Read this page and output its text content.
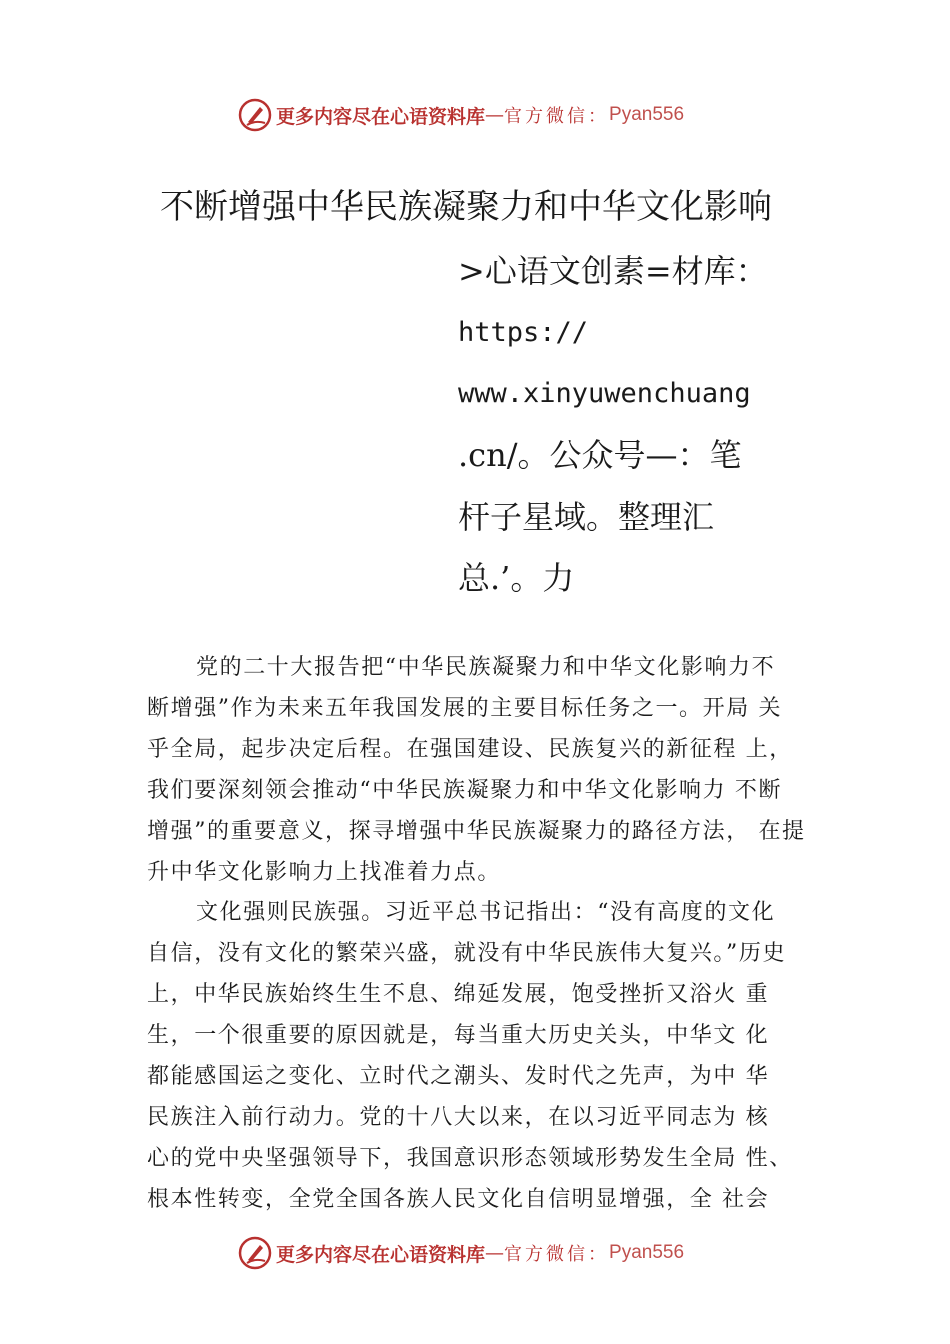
更多内容尽在心语资料库 — 官方微信： Pyan556
不断增强中华民族凝聚力和中华文化影响
>心语文创素=材库：
https://
www.xinyuwenchuang
.cn/。公众号—：笔
杆子星域。整理汇
总.’。力
党的二十大报告把“中华民族凝聚力和中华文化影响力不
断增强”作为未来五年我国发展的主要目标任务之一。开局 关
乎全局，起步决定后程。在强国建设、民族复兴的新征程 上，
我们要深刻领会推动“中华民族凝聚力和中华文化影响力 不断
增强”的重要意义，探寻增强中华民族凝聚力的路径方法， 在提
升中华文化影响力上找准着力点。
文化强则民族强。习近平总书记指出：“没有高度的文化
自信，没有文化的繁荣兴盛，就没有中华民族伟大复兴。”历史
上，中华民族始终生生不息、绵延发展，饱受挫折又浴火 重
生，一个很重要的原因就是，每当重大历史关头，中华文 化
都能感国运之变化、立时代之潮头、发时代之先声，为中 华
民族注入前行动力。党的十八大以来，在以习近平同志为 核
心的党中央坚强领导下，我国意识形态领域形势发生全局 性、
根本性转变，全党全国各族人民文化自信明显增强，全 社会
更多内容尽在心语资料库 — 官方微信： Pyan556
